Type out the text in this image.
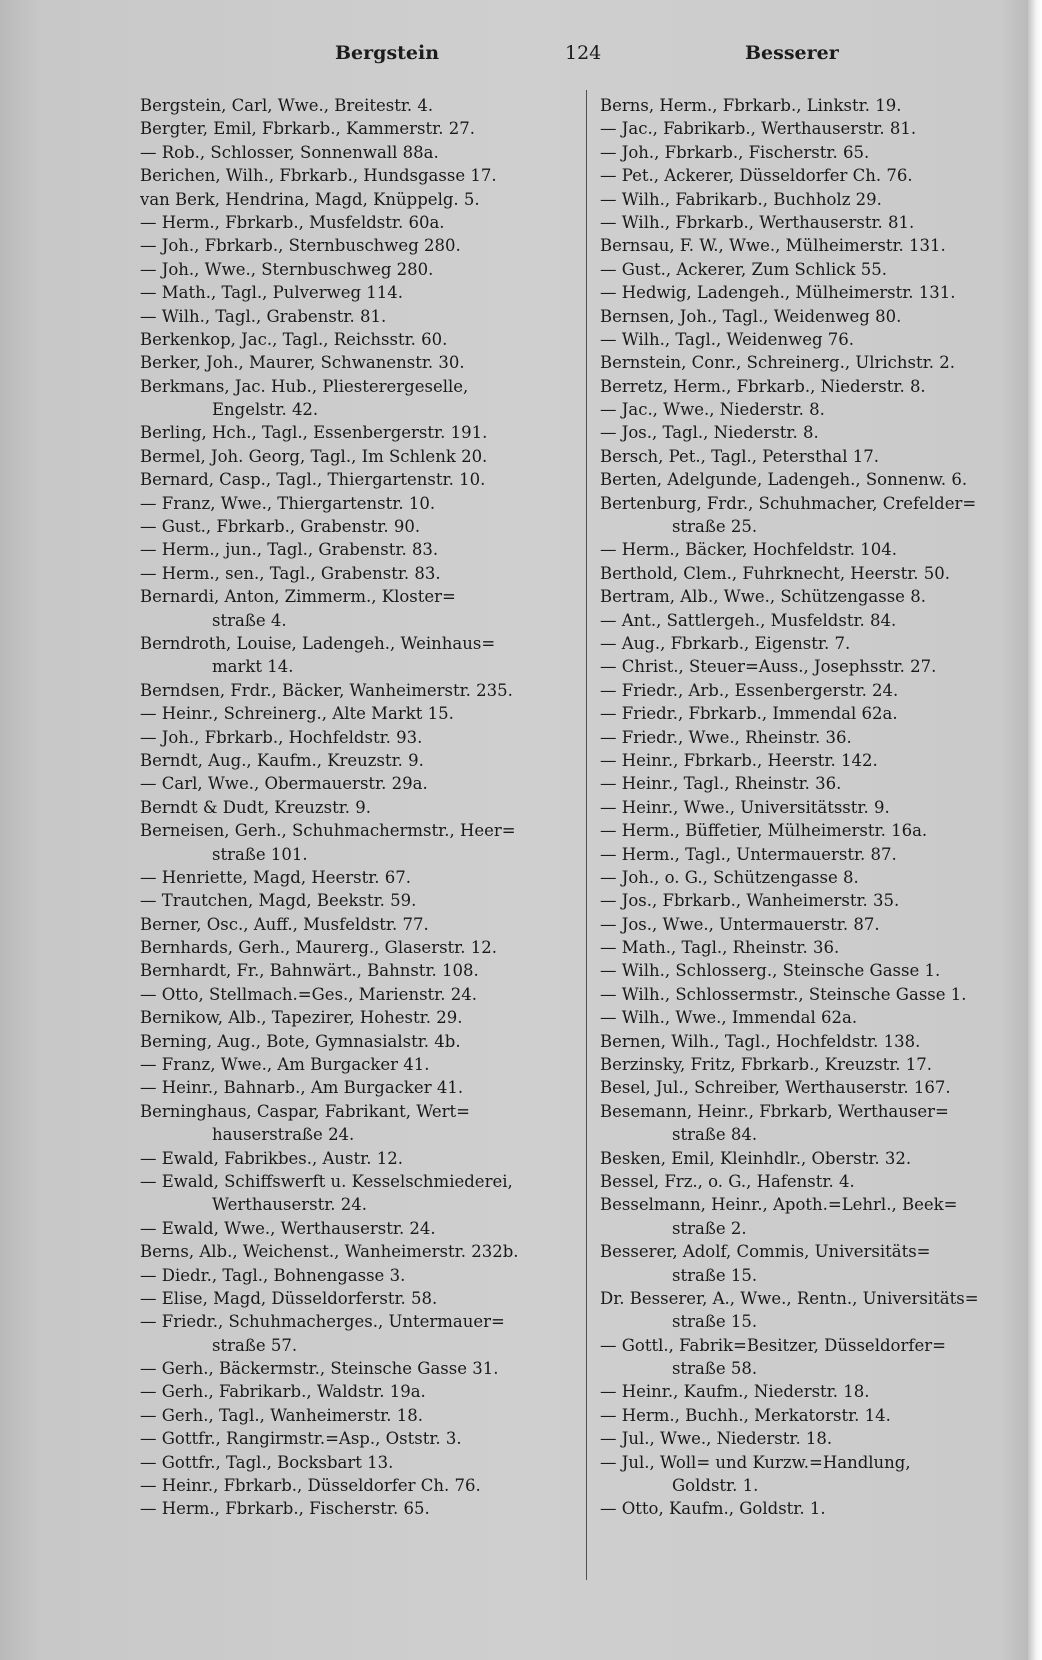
Bergstein	124	Besserer
Bergstein, Carl, Wwe., Breitestr. 4.
Bergter, Emil, Fbrkarb., Kammerstr. 27.
— Rob., Schlosser, Sonnenwall 88a.
Berichen, Wilh., Fbrkarb., Hundsgasse 17.
van Berk, Hendrina, Magd, Knüppelg. 5.
— Herm., Fbrkarb., Musfeldstr. 60a.
— Joh., Fbrkarb., Sternbuschweg 280.
— Joh., Wwe., Sternbuschweg 280.
— Math., Tagl., Pulverweg 114.
— Wilh., Tagl., Grabenstr. 81.
Berkenkop, Jac., Tagl., Reichsstr. 60.
Berker, Joh., Maurer, Schwanenstr. 30.
Berkmans, Jac. Hub., Pliesterergeselle,
Engelstr. 42.
Berling, Hch., Tagl., Essenbergerstr. 191.
Bermel, Joh. Georg, Tagl., Im Schlenk 20.
Bernard, Casp., Tagl., Thiergartenstr. 10.
— Franz, Wwe., Thiergartenstr. 10.
— Gust., Fbrkarb., Grabenstr. 90.
— Herm., jun., Tagl., Grabenstr. 83.
— Herm., sen., Tagl., Grabenstr. 83.
Bernardi, Anton, Zimmerm., Kloster=
straße 4.
Berndroth, Louise, Ladengeh., Weinhaus=
markt 14.
Berndsen, Frdr., Bäcker, Wanheimerstr. 235.
— Heinr., Schreinerg., Alte Markt 15.
— Joh., Fbrkarb., Hochfeldstr. 93.
Berndt, Aug., Kaufm., Kreuzstr. 9.
— Carl, Wwe., Obermauerstr. 29a.
Berndt & Dudt, Kreuzstr. 9.
Berneisen, Gerh., Schuhmachermstr., Heer=
straße 101.
— Henriette, Magd, Heerstr. 67.
— Trautchen, Magd, Beekstr. 59.
Berner, Osc., Auff., Musfeldstr. 77.
Bernhards, Gerh., Maurerg., Glaserstr. 12.
Bernhardt, Fr., Bahnwärt., Bahnstr. 108.
— Otto, Stellmach.=Ges., Marienstr. 24.
Bernikow, Alb., Tapezirer, Hohestr. 29.
Berning, Aug., Bote, Gymnasialstr. 4b.
— Franz, Wwe., Am Burgacker 41.
— Heinr., Bahnarb., Am Burgacker 41.
Berninghaus, Caspar, Fabrikant, Wert=
hauserstraße 24.
— Ewald, Fabrikbes., Austr. 12.
— Ewald, Schiffswerft u. Kesselschmiederei,
Werthauserstr. 24.
— Ewald, Wwe., Werthauserstr. 24.
Berns, Alb., Weichenst., Wanheimerstr. 232b.
— Diedr., Tagl., Bohnengasse 3.
— Elise, Magd, Düsseldorferstr. 58.
— Friedr., Schuhmacherges., Untermauer=
straße 57.
— Gerh., Bäckermstr., Steinsche Gasse 31.
— Gerh., Fabrikarb., Waldstr. 19a.
— Gerh., Tagl., Wanheimerstr. 18.
— Gottfr., Rangirmstr.=Asp., Oststr. 3.
— Gottfr., Tagl., Bocksbart 13.
— Heinr., Fbrkarb., Düsseldorfer Ch. 76.
— Herm., Fbrkarb., Fischerstr. 65.
Berns, Herm., Fbrkarb., Linkstr. 19.
— Jac., Fabrikarb., Werthauserstr. 81.
— Joh., Fbrkarb., Fischerstr. 65.
— Pet., Ackerer, Düsseldorfer Ch. 76.
— Wilh., Fabrikarb., Buchholz 29.
— Wilh., Fbrkarb., Werthauserstr. 81.
Bernsau, F. W., Wwe., Mülheimerstr. 131.
— Gust., Ackerer, Zum Schlick 55.
— Hedwig, Ladengeh., Mülheimerstr. 131.
Bernsen, Joh., Tagl., Weidenweg 80.
— Wilh., Tagl., Weidenweg 76.
Bernstein, Conr., Schreinerg., Ulrichstr. 2.
Berretz, Herm., Fbrkarb., Niederstr. 8.
— Jac., Wwe., Niederstr. 8.
— Jos., Tagl., Niederstr. 8.
Bersch, Pet., Tagl., Petersthal 17.
Berten, Adelgunde, Ladengeh., Sonnenw. 6.
Bertenburg, Frdr., Schuhmacher, Crefelder=
straße 25.
— Herm., Bäcker, Hochfeldstr. 104.
Berthold, Clem., Fuhrknecht, Heerstr. 50.
Bertram, Alb., Wwe., Schützengasse 8.
— Ant., Sattlergeh., Musfeldstr. 84.
— Aug., Fbrkarb., Eigenstr. 7.
— Christ., Steuer=Auss., Josephsstr. 27.
— Friedr., Arb., Essenbergerstr. 24.
— Friedr., Fbrkarb., Immendal 62a.
— Friedr., Wwe., Rheinstr. 36.
— Heinr., Fbrkarb., Heerstr. 142.
— Heinr., Tagl., Rheinstr. 36.
— Heinr., Wwe., Universitätsstr. 9.
— Herm., Büffetier, Mülheimerstr. 16a.
— Herm., Tagl., Untermauerstr. 87.
— Joh., o. G., Schützengasse 8.
— Jos., Fbrkarb., Wanheimerstr. 35.
— Jos., Wwe., Untermauerstr. 87.
— Math., Tagl., Rheinstr. 36.
— Wilh., Schlosserg., Steinsche Gasse 1.
— Wilh., Schlossermstr., Steinsche Gasse 1.
— Wilh., Wwe., Immendal 62a.
Bernen, Wilh., Tagl., Hochfeldstr. 138.
Berzinsky, Fritz, Fbrkarb., Kreuzstr. 17.
Besel, Jul., Schreiber, Werthauserstr. 167.
Besemann, Heinr., Fbrkarb, Werthauser=
straße 84.
Besken, Emil, Kleinhdlr., Oberstr. 32.
Bessel, Frz., o. G., Hafenstr. 4.
Besselmann, Heinr., Apoth.=Lehrl., Beek=
straße 2.
Besserer, Adolf, Commis, Universitäts=
straße 15.
Dr. Besserer, A., Wwe., Rentn., Universitäts=
straße 15.
— Gottl., Fabrik=Besitzer, Düsseldorfer=
straße 58.
— Heinr., Kaufm., Niederstr. 18.
— Herm., Buchh., Merkatorstr. 14.
— Jul., Wwe., Niederstr. 18.
— Jul., Woll= und Kurzw.=Handlung,
Goldstr. 1.
— Otto, Kaufm., Goldstr. 1.
